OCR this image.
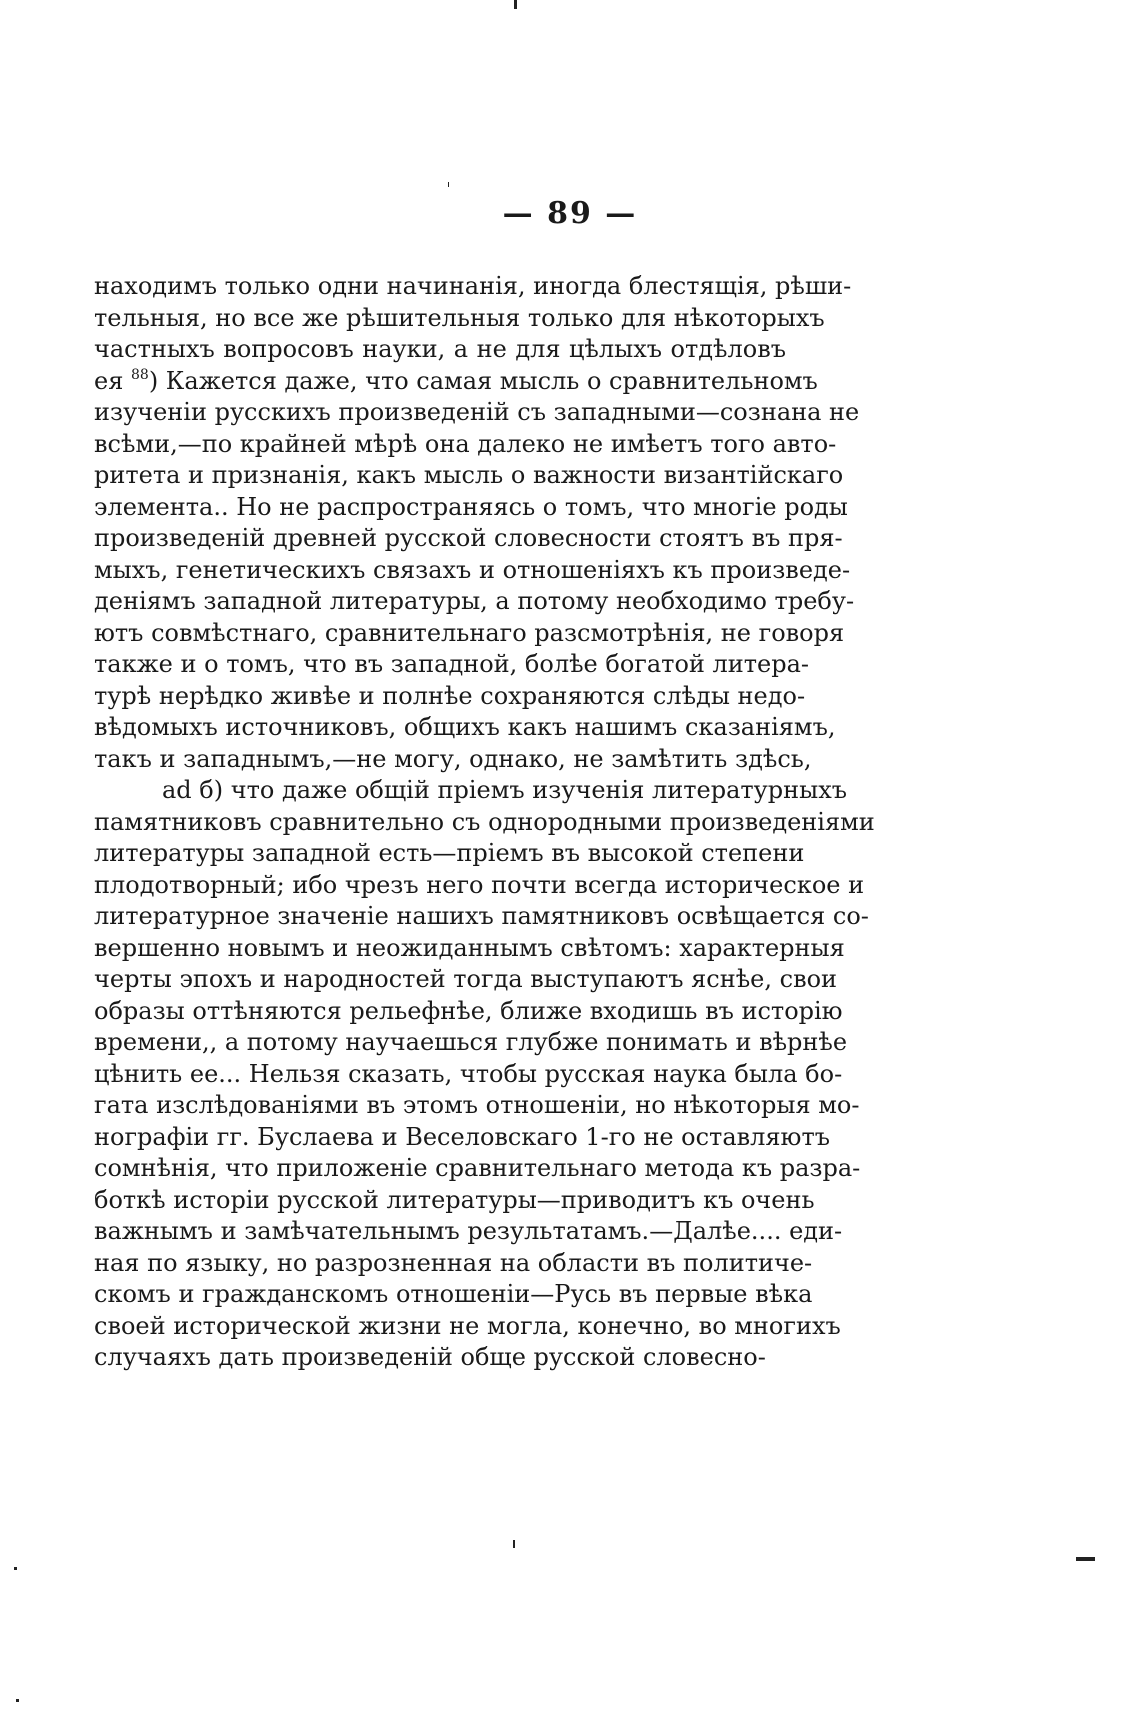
— 89 —
находимъ только одни начинанія, иногда блестящія, рѣши-
тельныя, но все же рѣшительныя только для нѣкоторыхъ
частныхъ вопросовъ науки, а не для цѣлыхъ отдѣловъ
ея $^{88}$) Кажется даже, что самая мысль о сравнительномъ
изученіи русскихъ произведеній съ западными—сознана не
всѣми,—по крайней мѣрѣ она далеко не имѣетъ того авто-
ритета и признанія, какъ мысль о важности византійскаго
элемента.. Но не распространяясь о томъ, что многіе роды
произведеній древней русской словесности стоятъ въ пря-
мыхъ, генетическихъ связахъ и отношеніяхъ къ произведе-
деніямъ западной литературы, а потому необходимо требу-
ютъ совмѣстнаго, сравнительнаго разсмотрѣнія, не говоря
также и о томъ, что въ западной, болѣе богатой литера-
турѣ нерѣдко живѣе и полнѣе сохраняются слѣды недо-
вѣдомыхъ источниковъ, общихъ какъ нашимъ сказаніямъ,
такъ и западнымъ,—не могу, однако, не замѣтить здѣсь,
ad б) что даже общій пріемъ изученія литературныхъ
памятниковъ сравнительно съ однородными произведеніями
литературы западной есть—пріемъ въ высокой степени
плодотворный; ибо чрезъ него почти всегда историческое и
литературное значеніе нашихъ памятниковъ освѣщается со-
вершенно новымъ и неожиданнымъ свѣтомъ: характерныя
черты эпохъ и народностей тогда выступаютъ яснѣе, свои
образы оттѣняются рельефнѣе, ближе входишь въ исторію
времени,, а потому научаешься глубже понимать и вѣрнѣе
цѣнить ее... Нельзя сказать, чтобы русская наука была бо-
гата изслѣдованіями въ этомъ отношеніи, но нѣкоторыя мо-
нографіи гг. Буслаева и Веселовскаго 1-го не оставляютъ
сомнѣнія, что приложеніе сравнительнаго метода къ разра-
боткѣ исторіи русской литературы—приводитъ къ очень
важнымъ и замѣчательнымъ результатамъ.—Далѣе.... еди-
ная по языку, но разрозненная на области въ политиче-
скомъ и гражданскомъ отношеніи—Русь въ первые вѣка
своей исторической жизни не могла, конечно, во многихъ
случаяхъ дать произведеній обще русской словесно-
